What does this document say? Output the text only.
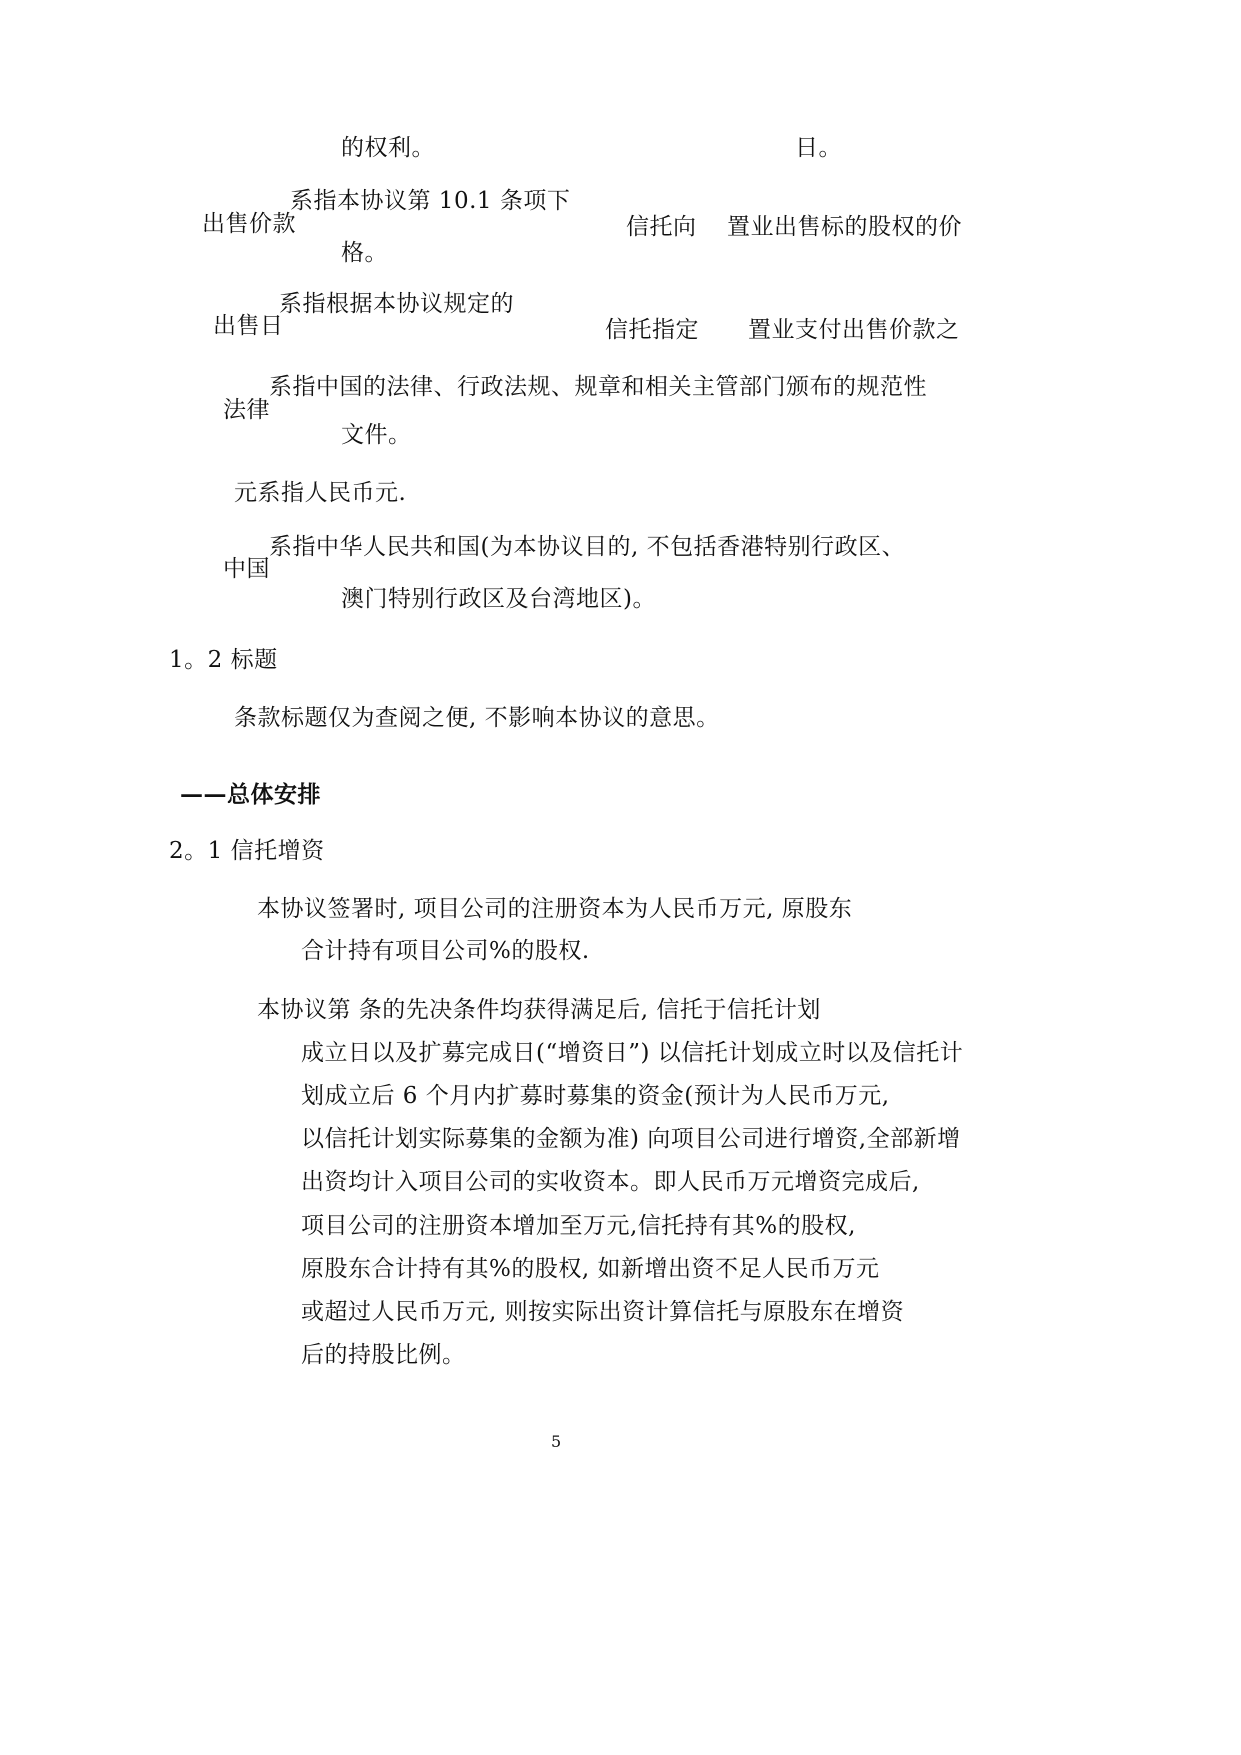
的权利。	日。
出售价款
系指本协议第 10.1 条项下
信托向 置业出售标的股权的价
格。
出售日
系指根据本协议规定的
信托指定 置业支付出售价款之
法律
系指中国的法律、行政法规、规章和相关主管部门颁布的规范性
文件。
元系指人民币元.
中国
系指中华人民共和国(为本协议目的, 不包括香港特别行政区、
澳门特别行政区及台湾地区)。
1。2 标题
条款标题仅为查阅之便, 不影响本协议的意思。
——总体安排
2。1 信托增资
本协议签署时, 项目公司的注册资本为人民币万元, 原股东
合计持有项目公司%的股权.
本协议第 条的先决条件均获得满足后, 信托于信托计划
成立日以及扩募完成日(“增资日”) 以信托计划成立时以及信托计
划成立后 6 个月内扩募时募集的资金(预计为人民币万元,
以信托计划实际募集的金额为准) 向项目公司进行增资,全部新增
出资均计入项目公司的实收资本。即人民币万元增资完成后,
项目公司的注册资本增加至万元,信托持有其%的股权,
原股东合计持有其%的股权, 如新增出资不足人民币万元
或超过人民币万元, 则按实际出资计算信托与原股东在增资
后的持股比例。
5
